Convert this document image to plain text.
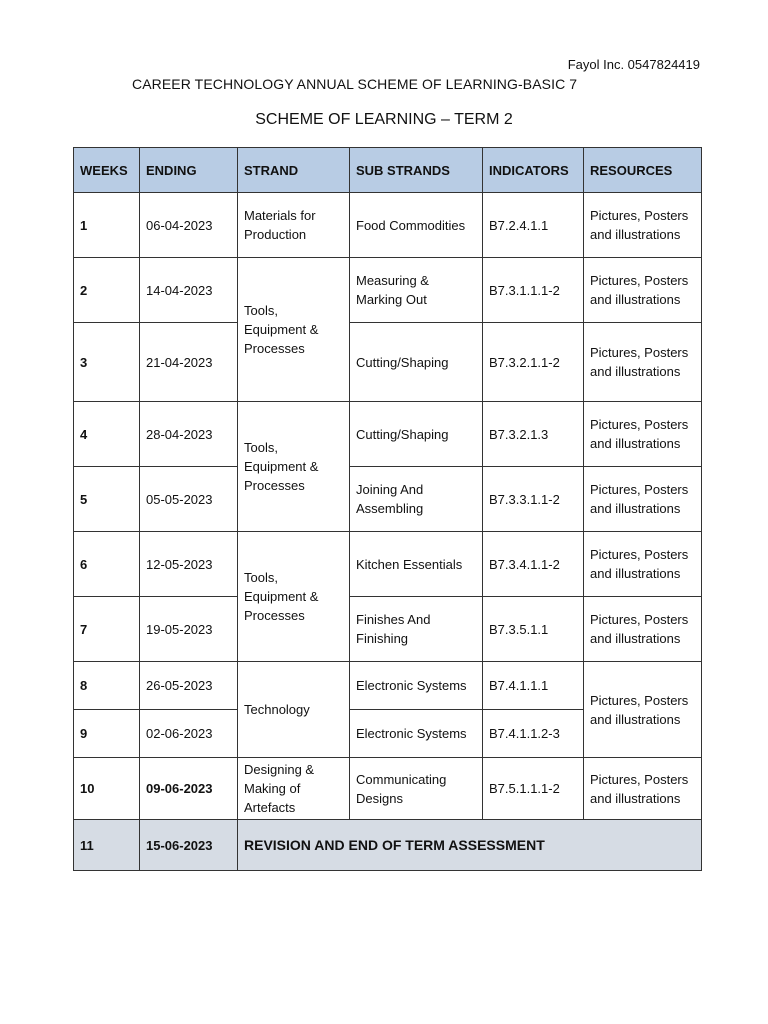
Fayol Inc. 0547824419
CAREER TECHNOLOGY ANNUAL SCHEME OF LEARNING-BASIC 7
SCHEME OF LEARNING – TERM 2
WEEKS	ENDING	STRAND	SUB STRANDS	INDICATORS	RESOURCES
1	06-04-2023	Materials for Production	Food Commodities	B7.2.4.1.1	Pictures, Posters and illustrations
2	14-04-2023	Tools, Equipment & Processes	Measuring & Marking Out	B7.3.1.1.1-2	Pictures, Posters and illustrations
3	21-04-2023		Cutting/Shaping	B7.3.2.1.1-2	Pictures, Posters and illustrations
4	28-04-2023	Tools, Equipment & Processes	Cutting/Shaping	B7.3.2.1.3	Pictures, Posters and illustrations
5	05-05-2023		Joining And Assembling	B7.3.3.1.1-2	Pictures, Posters and illustrations
6	12-05-2023	Tools, Equipment & Processes	Kitchen Essentials	B7.3.4.1.1-2	Pictures, Posters and illustrations
7	19-05-2023		Finishes And Finishing	B7.3.5.1.1	Pictures, Posters and illustrations
8	26-05-2023	Technology	Electronic Systems	B7.4.1.1.1	Pictures, Posters and illustrations
9	02-06-2023		Electronic Systems	B7.4.1.1.2-3	
10	09-06-2023	Designing & Making of Artefacts	Communicating Designs	B7.5.1.1.1-2	Pictures, Posters and illustrations
11	15-06-2023	REVISION AND END OF TERM ASSESSMENT			
